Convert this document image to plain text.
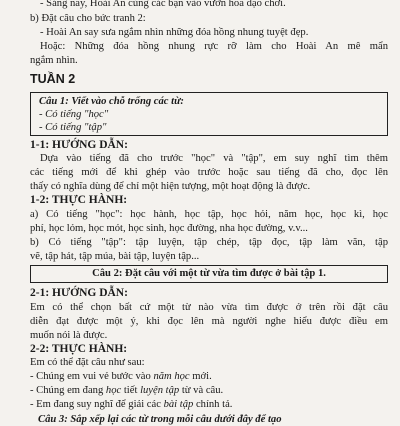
- Sáng nay, Hoài An cùng các bạn vào vườn hoa dạo chơi.
b) Đặt câu cho bức tranh 2:
- Hoài An say sưa ngắm nhìn những đóa hồng nhung tuyệt đẹp.
Hoặc: Những đóa hồng nhung rực rỡ làm cho Hoài An mê mẩn
ngắm nhìn.
TUẦN 2
Câu 1: Viết vào chỗ trống các từ:
- Có tiếng "học"
- Có tiếng "tập"
1-1: HƯỚNG DẪN:
Dựa vào tiếng đã cho trước "học" và "tập", em suy nghĩ tìm thêm
các tiếng mới để khi ghép vào trước hoặc sau tiếng đã cho, đọc lên
thấy có nghĩa dùng để chỉ một hiện tượng, một hoạt động là được.
1-2: THỰC HÀNH:
a) Có tiếng "học": học hành, học tập, học hỏi, năm học, học kì, học
phí, học lỏm, học mót, học sinh, học đường, nha học đường, v.v...
b) Có tiếng "tập": tập luyện, tập chép, tập đọc, tập làm văn, tập
vẽ, tập hát, tập múa, bài tập, luyện tập...
Câu 2: Đặt câu với một từ vừa tìm được ở bài tập 1.
2-1: HƯỚNG DẪN:
Em có thể chọn bất cứ một từ nào vừa tìm được ở trên rồi đặt câu
diễn đạt được một ý, khi đọc lên mà người nghe hiểu được điều em
muốn nói là được.
2-2: THỰC HÀNH:
Em có thể đặt câu như sau:
- Chúng em vui vẻ bước vào năm học mới.
- Chúng em đang học tiết luyện tập từ và câu.
- Em đang suy nghĩ để giải các bài tập chính tả.
Câu 3: Sắp xếp lại các từ trong mỗi câu dưới đây để tạo
